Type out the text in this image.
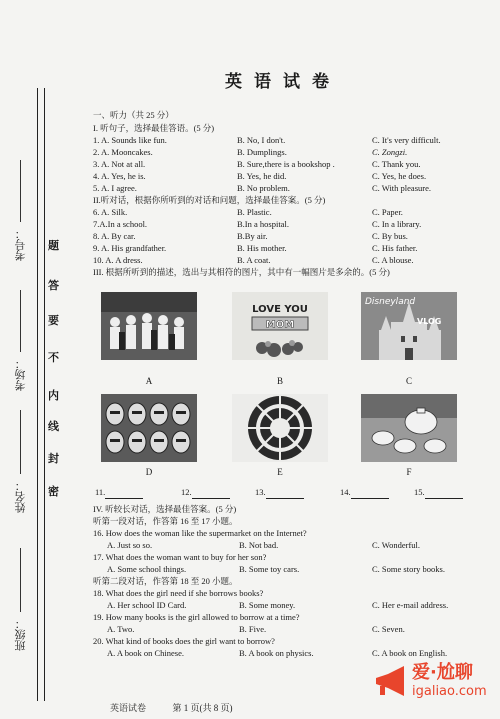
考号：
考场：
姓名：
班级：
密
封
线
内
不
要
答
题
英语试卷
一、听力（共 25 分）
I. 听句子，选择最佳答语。(5 分)
1. A. Sounds like fun.	B. No, I don't.	C. It's very difficult.
2. A. Mooncakes.	B. Dumplings.	C. Zongzi.
3. A. Not at all.	B. Sure,there is a bookshop .	C. Thank you.
4. A. Yes, he is.	B. Yes, he did.	C. Yes, he does.
5. A. I agree.	B. No problem.	C. With pleasure.
II.听对话，根据你所听到的对话和问题，选择最佳答案。(5 分)
6. A. Silk.	B. Plastic.	C. Paper.
7.A.In a school.	B.In a hospital.	C. In a library.
8. A. By car.	B.By air.	C. By bus.
9. A. His grandfather.	B. His mother.	C. His father.
10. A. A dress.	B. A coat.	C. A blouse.
III. 根据所听到的描述，选出与其相符的图片，其中有一幅图片是多余的。(5 分)
LOVE YOU
MOM
Disneyland
VLOG
A	B	C
D	E	F
11.	12.	13.	14.	15.
IV. 听较长对话，选择最佳答案。(5 分)
听第一段对话，作答第 16 至 17 小题。
16. How does the woman like the supermarket on the Internet?
A. Just so so.	B. Not bad.	C. Wonderful.
17. What does the woman want to buy for her son?
A. Some school things.	B. Some toy cars.	C. Some story books.
听第二段对话，作答第 18 至 20 小题。
18. What does the girl need if she borrows books?
A. Her school ID Card.	B. Some money.	C. Her e-mail address.
19. How many books is the girl allowed to borrow at a time?
A. Two.	B. Five.	C. Seven.
20. What kind of books does the girl want to borrow?
A. A book on Chinese.	B. A book on physics.	C. A book on English.
英语试卷	第 1 页(共 8 页)
爱·尬聊
igaliao.com
